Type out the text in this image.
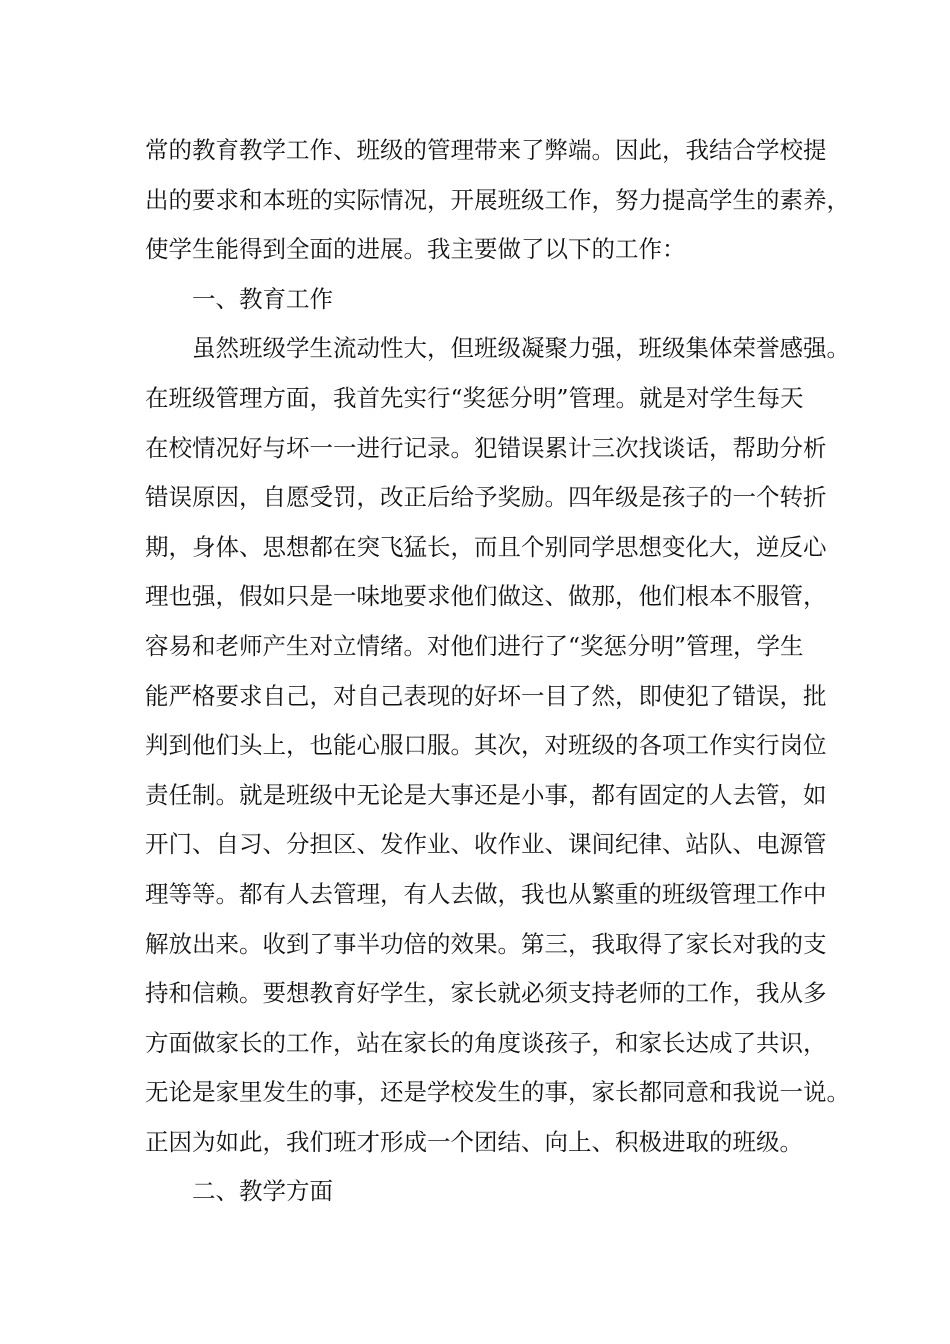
常的教育教学工作、班级的管理带来了弊端。因此，我结合学校提
出的要求和本班的实际情况，开展班级工作，努力提高学生的素养，
使学生能得到全面的进展。我主要做了以下的工作：
一、教育工作
虽然班级学生流动性大，但班级凝聚力强，班级集体荣誉感强。
在班级管理方面，我首先实行“奖惩分明”管理。就是对学生每天
在校情况好与坏一一进行记录。犯错误累计三次找谈话，帮助分析
错误原因，自愿受罚，改正后给予奖励。四年级是孩子的一个转折
期，身体、思想都在突飞猛长，而且个别同学思想变化大，逆反心
理也强，假如只是一味地要求他们做这、做那，他们根本不服管，
容易和老师产生对立情绪。对他们进行了“奖惩分明”管理，学生
能严格要求自己，对自己表现的好坏一目了然，即使犯了错误，批
判到他们头上，也能心服口服。其次，对班级的各项工作实行岗位
责任制。就是班级中无论是大事还是小事，都有固定的人去管，如
开门、自习、分担区、发作业、收作业、课间纪律、站队、电源管
理等等。都有人去管理，有人去做，我也从繁重的班级管理工作中
解放出来。收到了事半功倍的效果。第三，我取得了家长对我的支
持和信赖。要想教育好学生，家长就必须支持老师的工作，我从多
方面做家长的工作，站在家长的角度谈孩子，和家长达成了共识，
无论是家里发生的事，还是学校发生的事，家长都同意和我说一说。
正因为如此，我们班才形成一个团结、向上、积极进取的班级。
二、教学方面
